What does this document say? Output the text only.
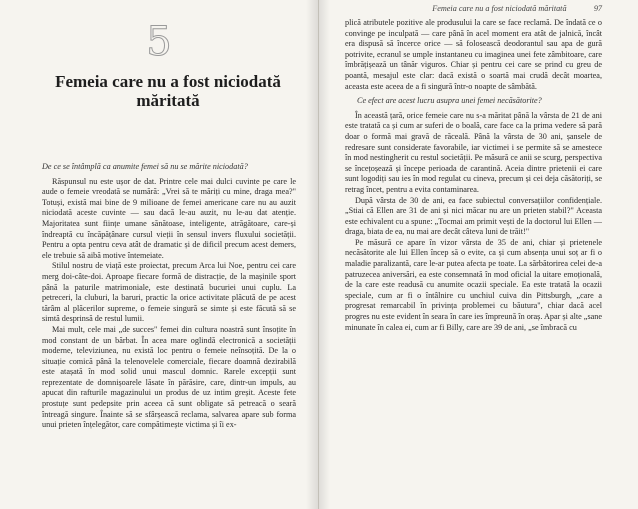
5
Femeia care nu a fost niciodată măritată

De ce se întâmplă ca anumite femei să nu se mărite niciodată?

Răspunsul nu este ușor de dat. Printre cele mai dulci cuvinte pe care le aude o femeie vreodată se numără: „Vrei să te măriți cu mine, draga mea?" Totuși, există mai bine de 9 milioane de femei americane care nu au auzit niciodată aceste cuvinte — sau dacă le-au auzit, nu le-au dat atenție. Majoritatea sunt ființe umane sănătoase, inteligente, atrăgătoare, care-și îndreaptă cu încăpățânare cursul vieții în sensul invers fluxului societății. Pentru a opta pentru ceva atât de dramatic și de dificil precum acest demers, ele trebuie să aibă motive întemeiate.

Stilul nostru de viață este proiectat, precum Arca lui Noe, pentru cei care merg doi-câte-doi. Aproape fiecare formă de distracție, de la mașinile sport până la paturile matrimoniale, este destinată bucuriei unui cuplu. La petreceri, la cluburi, la baruri, practic la orice activitate plăcută de pe acest tărâm al plăcerilor supreme, o femeie singură se simte și este făcută să se simtă desprinsă de restul lumii.

Mai mult, cele mai „de succes" femei din cultura noastră sunt însoțite în mod constant de un bărbat. În acea mare oglindă electronică a societății moderne, televiziunea, nu există loc pentru o femeie neînsoțită. De la o situație comică până la telenovelele comerciale, fiecare doamnă dezirabilă este atașată în mod solid unui mascul domnic. Rarele excepții sunt reprezentate de domnișoarele lăsate în părăsire, care, dintr-un impuls, au apucat din rafturile magazinului un produs de uz intim greșit. Aceste fete prostuțe sunt pedepsite prin aceea că sunt obligate să petreacă o seară întreagă singure. Înainte să se sfârșească reclama, salvarea apare sub forma unui prieten înțelegător, care compătimește victima și îi ex-

Femeia care nu a fost niciodată măritată	97

plică atributele pozitive ale produsului la care se face reclamă. De îndată ce o convinge pe inculpată — care până în acel moment era atât de jalnică, încât era dispusă să încerce orice — să folosească deodorantul sau apa de gură potrivite, ecranul se umple instantaneu cu imaginea unei fete zâmbitoare, care îmbrățișează un tânăr viguros. Chiar și pentru cei care se prind cu greu de poantă, mesajul este clar: dacă există o soartă mai crudă decât moartea, aceasta este aceea de a fi singură într-o noapte de sâmbătă.

Ce efect are acest lucru asupra unei femei necăsătorite?

În această țară, orice femeie care nu s-a măritat până la vârsta de 21 de ani este tratată ca și cum ar suferi de o boală, care face ca la prima vedere să pară doar o formă mai gravă de răceală. Până la vârsta de 30 ani, șansele de redresare sunt considerate favorabile, iar victimei i se permite să se amestece în mod nestingherit cu restul societății. Pe măsură ce anii se scurg, perspectiva se încețoșează și începe perioada de carantină. Aceia dintre prietenii ei care sunt logodiți sau ies în mod regulat cu cineva, precum și cei deja căsătoriți, se retrag încet, pentru a evita contaminarea.

După vârsta de 30 de ani, ea face subiectul conversațiilor confidențiale. „Stiai că Ellen are 31 de ani și nici măcar nu are un prieten stabil?" Aceasta este echivalent cu a spune: „Tocmai am primit vești de la doctorul lui Ellen — draga, biata de ea, nu mai are decât câteva luni de trăit!"

Pe măsură ce apare în vizor vârsta de 35 de ani, chiar și prietenele necăsătorite ale lui Ellen încep să o evite, ca și cum absența unui soț ar fi o maladie paralizantă, care le-ar putea afecta pe toate. La sărbătorirea celei de-a patruzecea aniversări, ea este consemnată în mod oficial la uitare emoțională, de la care este readusă cu anumite ocazii speciale. Ea este tratată la ocazii speciale, cum ar fi o întâlnire cu unchiul cuiva din Pittsburgh, „care a progresat remarcabil în privința problemei cu băutura", chiar dacă acel progres nu este evident în seara în care ies împreună în oraș. Apar și alte „sane minunate în calea ei, cum ar fi Billy, care are 39 de ani, „se îmbracă cu
